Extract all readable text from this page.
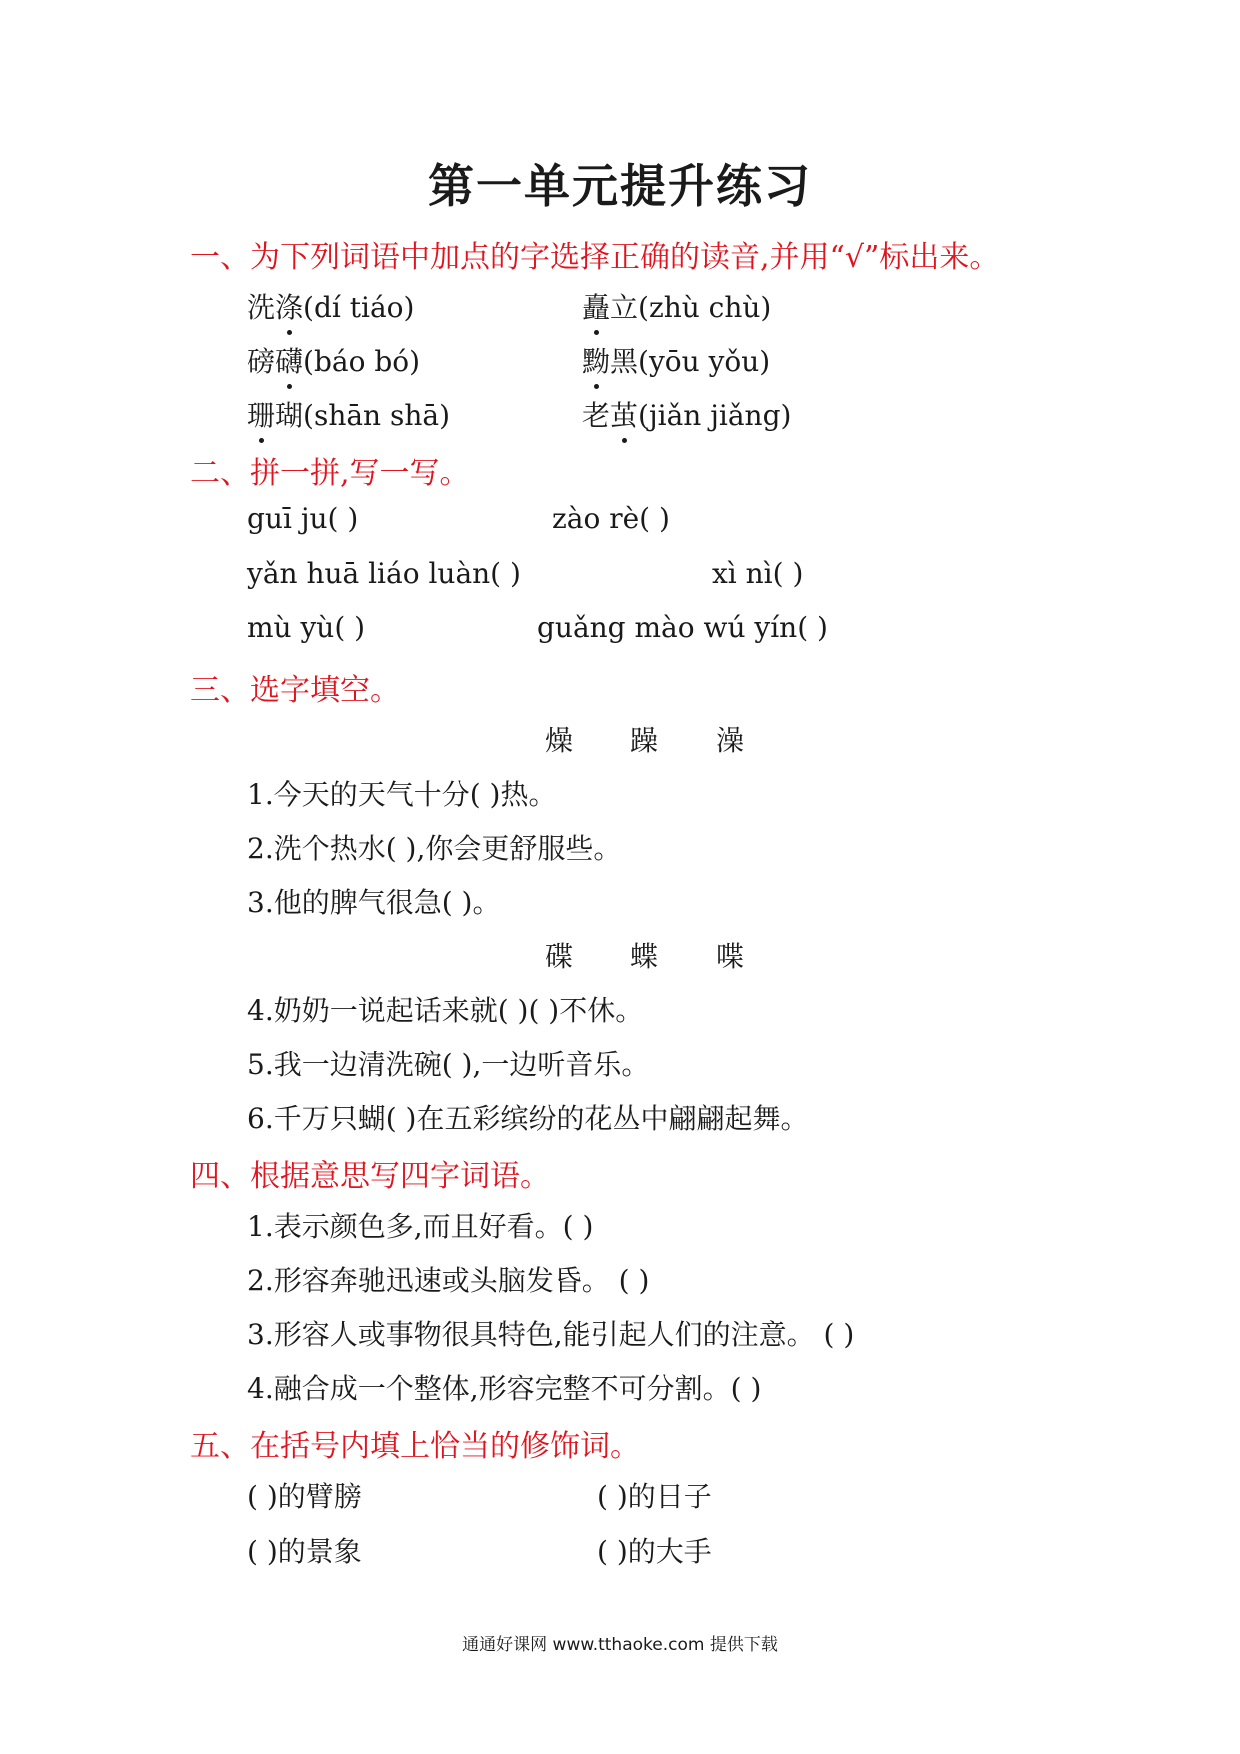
第一单元提升练习
一、为下列词语中加点的字选择正确的读音,并用“√”标出来。
洗涤(dí tiáo)	矗立(zhù chù)
磅礴(báo bó)	黝黑(yōu yǒu)
珊瑚(shān shā)	老茧(jiǎn jiǎng)
二、拼一拼,写一写。
guī ju( )	zào rè( )
yǎn huā liáo luàn( )	xì nì( )
mù yù( )	guǎng mào wú yín( )
三、选字填空。
燥 躁 澡
1.今天的天气十分( )热。
2.洗个热水( ),你会更舒服些。
3.他的脾气很急( )。
碟 蝶 喋
4.奶奶一说起话来就( )( )不休。
5.我一边清洗碗( ),一边听音乐。
6.千万只蝴( )在五彩缤纷的花丛中翩翩起舞。
四、根据意思写四字词语。
1.表示颜色多,而且好看。( )
2.形容奔驰迅速或头脑发昏。 ( )
3.形容人或事物很具特色,能引起人们的注意。 ( )
4.融合成一个整体,形容完整不可分割。( )
五、在括号内填上恰当的修饰词。
( )的臂膀	( )的日子
( )的景象	( )的大手
通通好课网 www.tthaoke.com 提供下载
